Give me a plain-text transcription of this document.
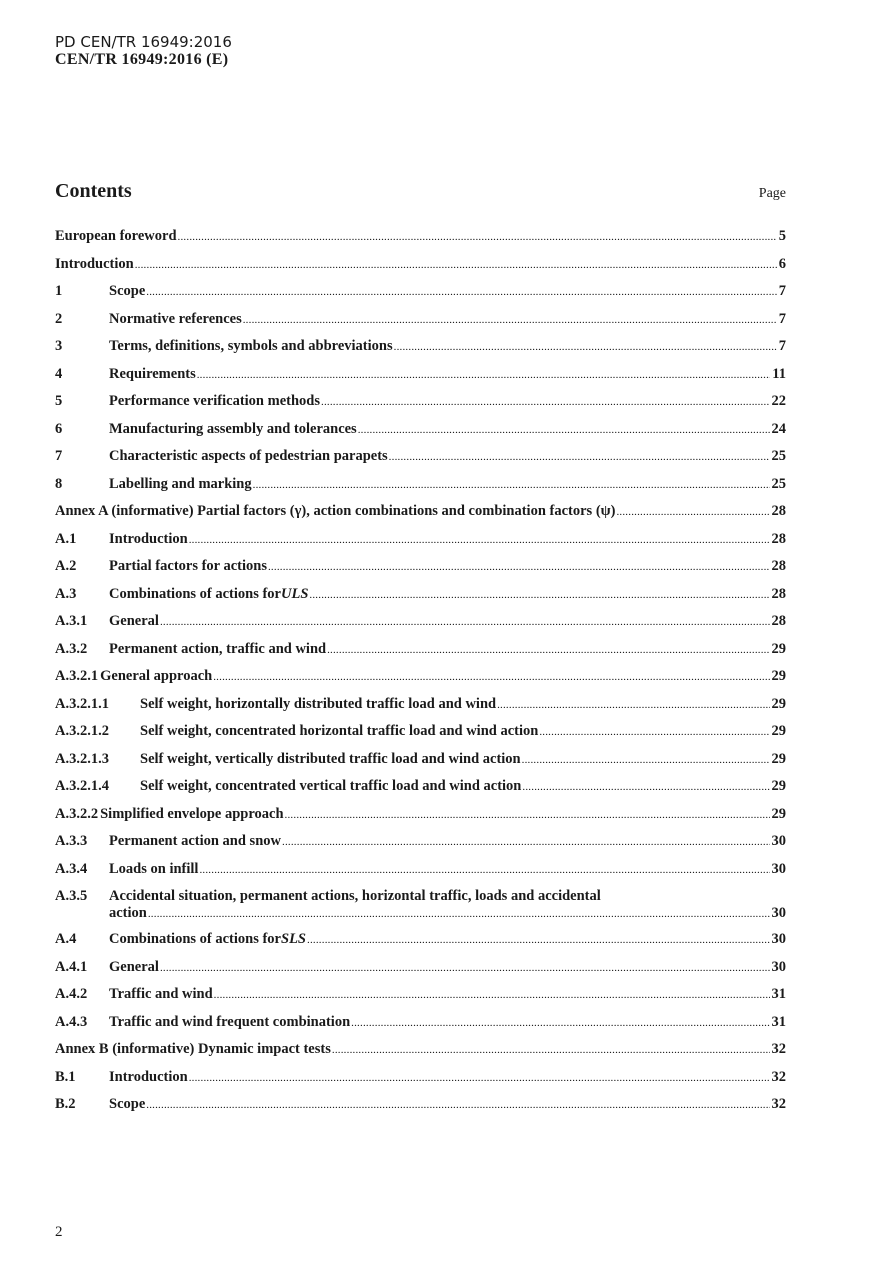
PD CEN/TR 16949:2016
CEN/TR 16949:2016 (E)
Contents	Page
European foreword .....	5
Introduction .....	6
1	Scope .....	7
2	Normative references .....	7
3	Terms, definitions, symbols and abbreviations .....	7
4	Requirements .....	11
5	Performance verification methods .....	22
6	Manufacturing assembly and tolerances .....	24
7	Characteristic aspects of pedestrian parapets .....	25
8	Labelling and marking .....	25
Annex A (informative) Partial factors (γ), action combinations and combination factors (ψ) .....	28
A.1	Introduction .....	28
A.2	Partial factors for actions .....	28
A.3	Combinations of actions for ULS .....	28
A.3.1	General .....	28
A.3.2	Permanent action, traffic and wind .....	29
A.3.2.1 General approach .....	29
A.3.2.1.1	Self weight, horizontally distributed traffic load and wind .....	29
A.3.2.1.2	Self weight, concentrated horizontal traffic load and wind action .....	29
A.3.2.1.3	Self weight, vertically distributed traffic load and wind action .....	29
A.3.2.1.4	Self weight, concentrated vertical traffic load and wind action .....	29
A.3.2.2 Simplified envelope approach .....	29
A.3.3	Permanent action and snow .....	30
A.3.4	Loads on infill .....	30
A.3.5	Accidental situation, permanent actions, horizontal traffic, loads and accidental
action .....	30
A.4	Combinations of actions for SLS .....	30
A.4.1	General .....	30
A.4.2	Traffic and wind .....	31
A.4.3	Traffic and wind frequent combination .....	31
Annex B (informative) Dynamic impact tests .....	32
B.1	Introduction .....	32
B.2	Scope .....	32
2
